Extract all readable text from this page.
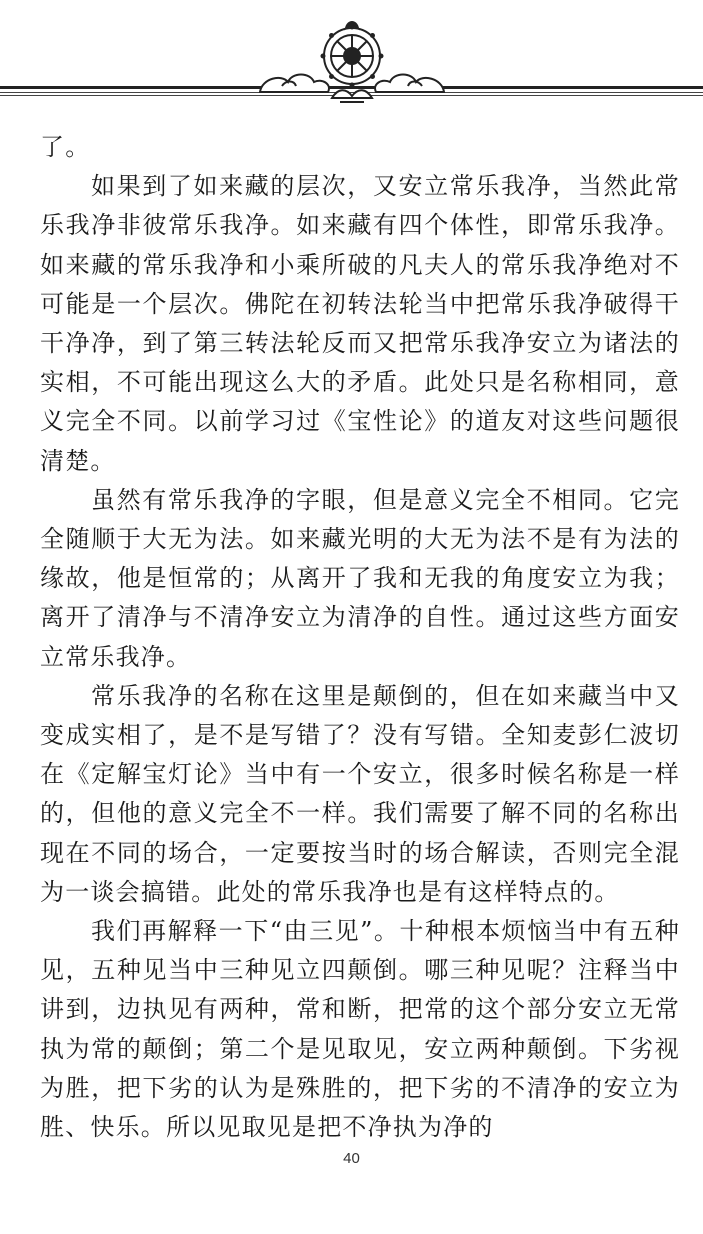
了。

如果到了如来藏的层次，又安立常乐我净，当然此常乐我净非彼常乐我净。如来藏有四个体性，即常乐我净。如来藏的常乐我净和小乘所破的凡夫人的常乐我净绝对不可能是一个层次。佛陀在初转法轮当中把常乐我净破得干干净净，到了第三转法轮反而又把常乐我净安立为诸法的实相，不可能出现这么大的矛盾。此处只是名称相同，意义完全不同。以前学习过《宝性论》的道友对这些问题很清楚。

虽然有常乐我净的字眼，但是意义完全不相同。它完全随顺于大无为法。如来藏光明的大无为法不是有为法的缘故，他是恒常的；从离开了我和无我的角度安立为我；离开了清净与不清净安立为清净的自性。通过这些方面安立常乐我净。

常乐我净的名称在这里是颠倒的，但在如来藏当中又变成实相了，是不是写错了？没有写错。全知麦彭仁波切在《定解宝灯论》当中有一个安立，很多时候名称是一样的，但他的意义完全不一样。我们需要了解不同的名称出现在不同的场合，一定要按当时的场合解读，否则完全混为一谈会搞错。此处的常乐我净也是有这样特点的。

我们再解释一下“由三见”。十种根本烦恼当中有五种见，五种见当中三种见立四颠倒。哪三种见呢？注释当中讲到，边执见有两种，常和断，把常的这个部分安立无常执为常的颠倒；第二个是见取见，安立两种颠倒。下劣视为胜，把下劣的认为是殊胜的，把下劣的不清净的安立为胜、快乐。所以见取见是把不净执为净的

40
